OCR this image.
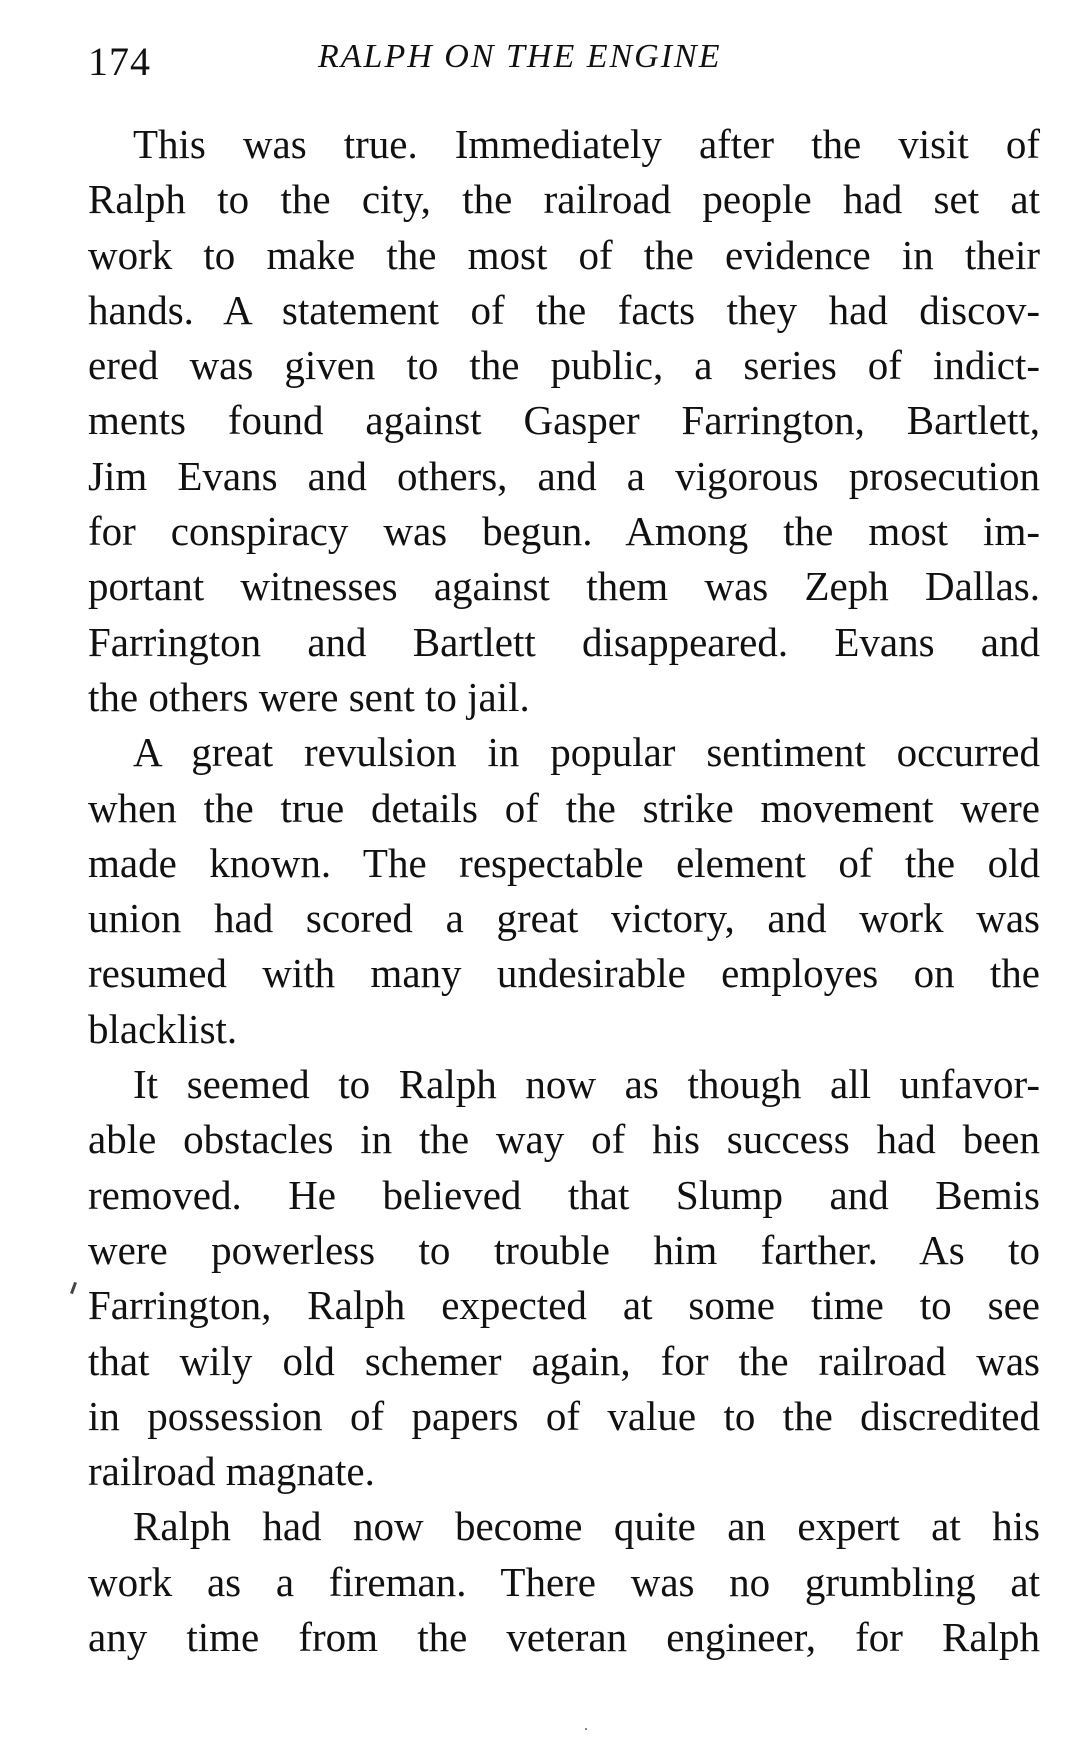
174	RALPH ON THE ENGINE

This was true. Immediately after the visit of
Ralph to the city, the railroad people had set at
work to make the most of the evidence in their
hands. A statement of the facts they had discov-
ered was given to the public, a series of indict-
ments found against Gasper Farrington, Bartlett,
Jim Evans and others, and a vigorous prosecution
for conspiracy was begun. Among the most im-
portant witnesses against them was Zeph Dallas.
Farrington and Bartlett disappeared. Evans and
the others were sent to jail.

A great revulsion in popular sentiment occurred
when the true details of the strike movement were
made known. The respectable element of the old
union had scored a great victory, and work was
resumed with many undesirable employes on the
blacklist.

It seemed to Ralph now as though all unfavor-
able obstacles in the way of his success had been
removed. He believed that Slump and Bemis
were powerless to trouble him farther. As to
Farrington, Ralph expected at some time to see
that wily old schemer again, for the railroad was
in possession of papers of value to the discredited
railroad magnate.

Ralph had now become quite an expert at his
work as a fireman. There was no grumbling at
any time from the veteran engineer, for Ralph
